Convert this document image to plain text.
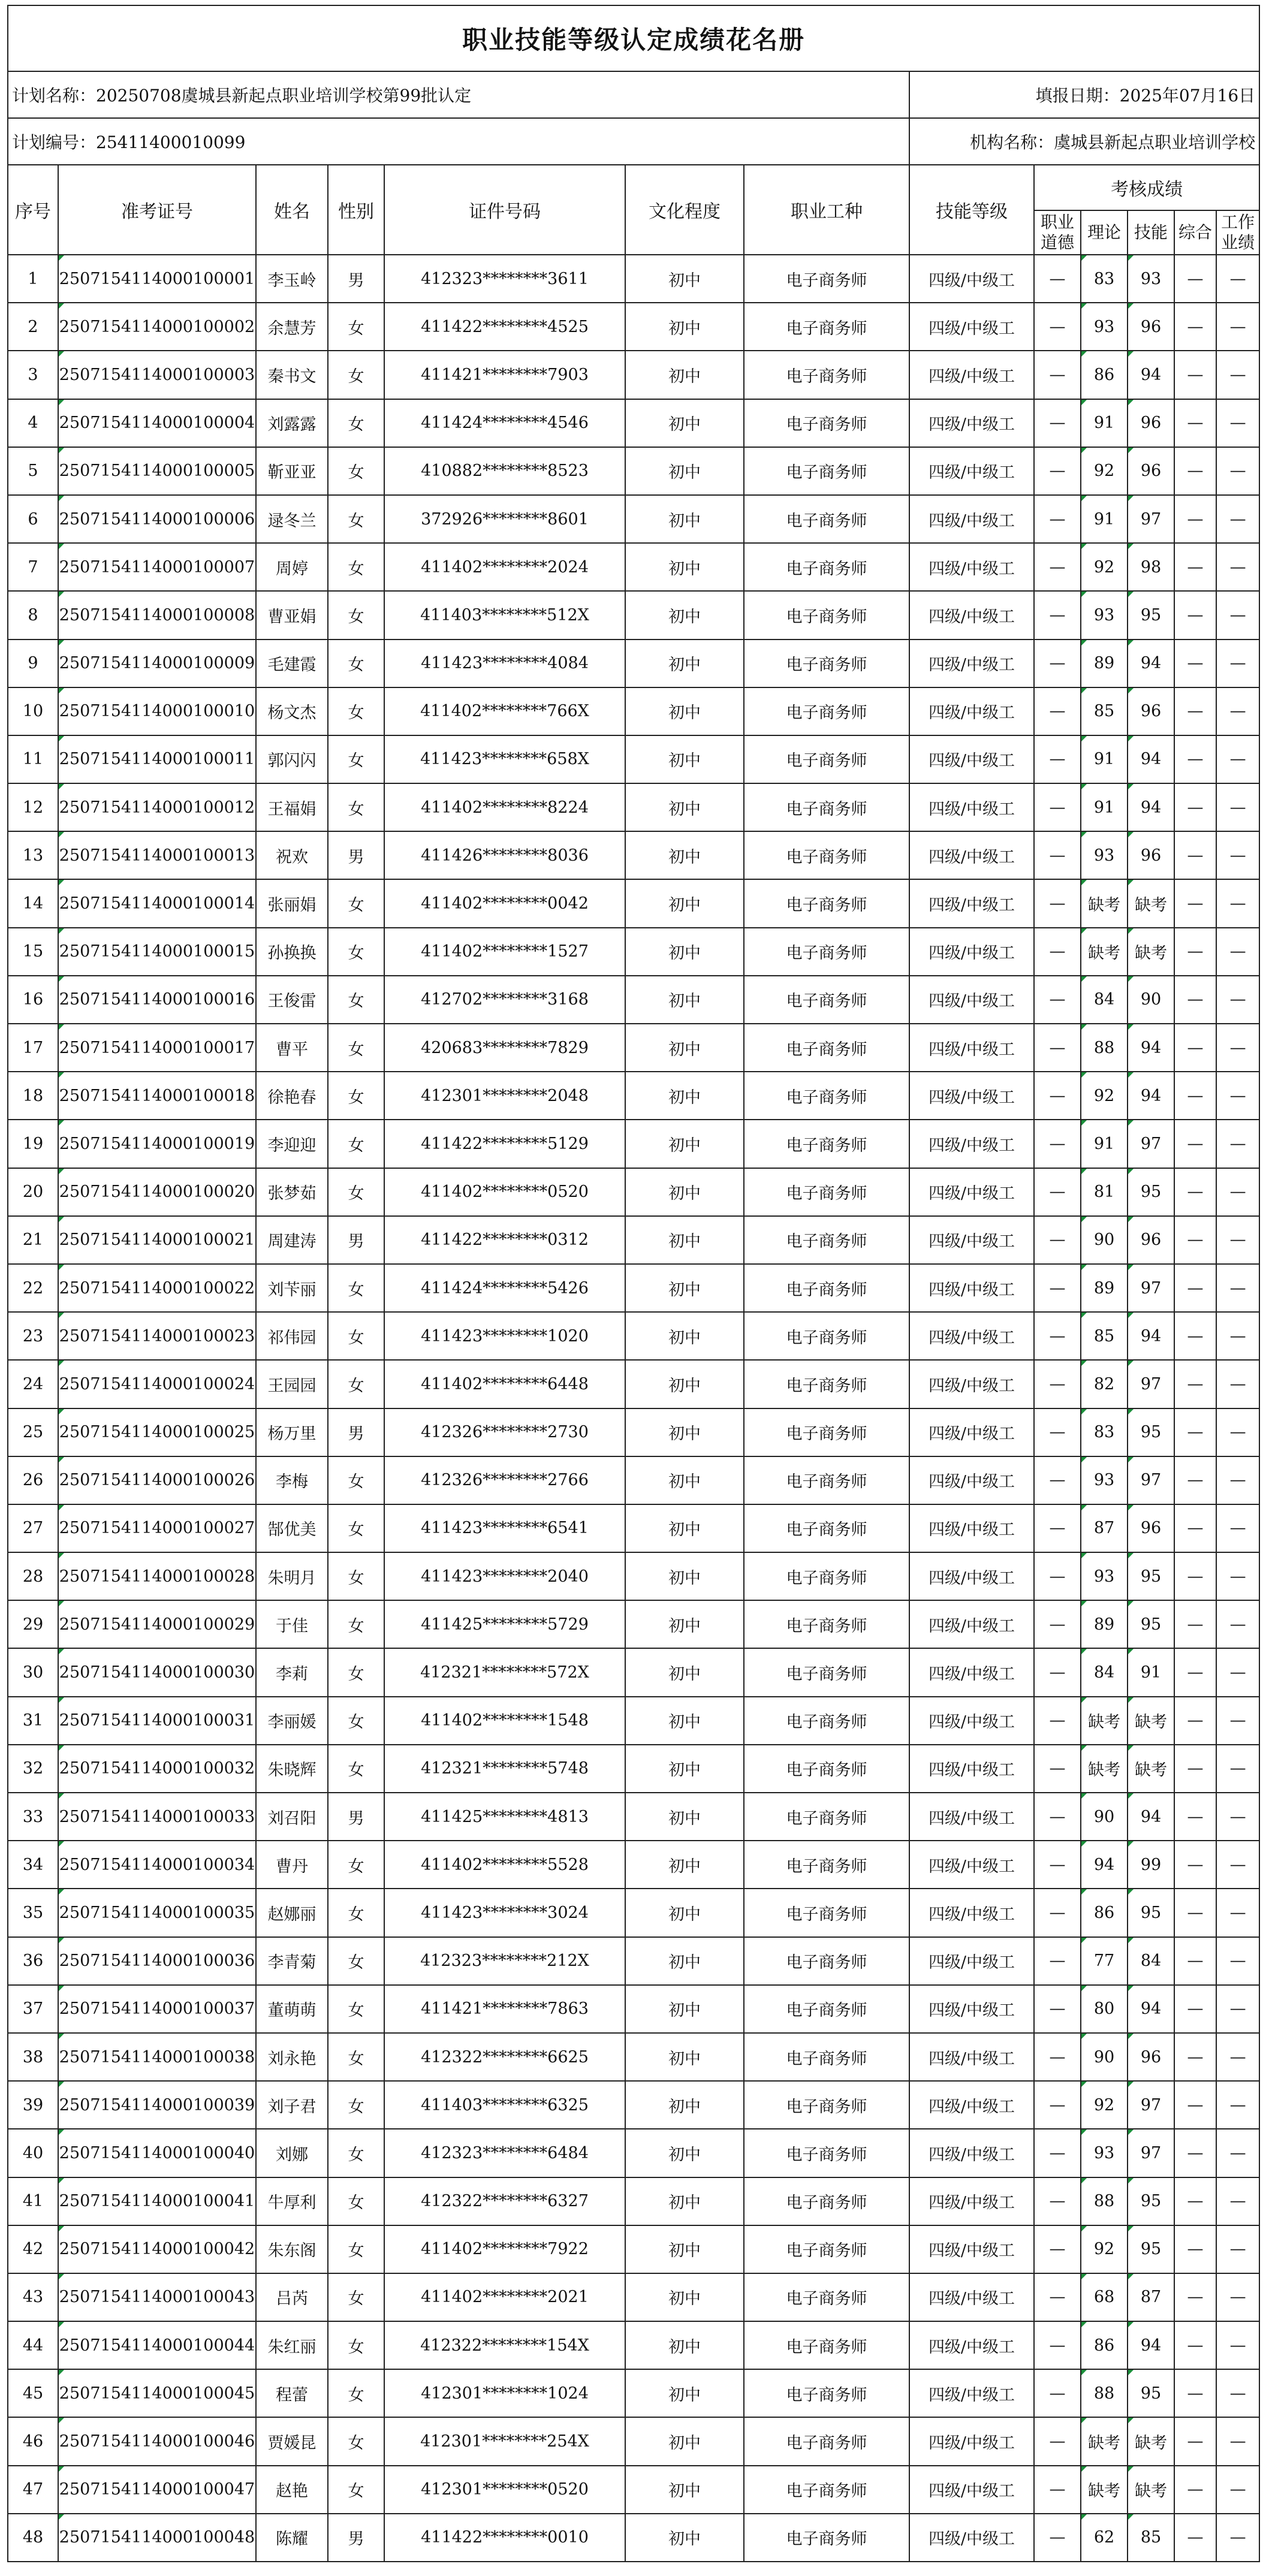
职业技能等级认定成绩花名册												
计划名称：20250708虞城县新起点职业培训学校第99批认定							填报日期：2025年07月16日					
计划编号：25411400010099							机构名称：虞城县新起点职业培训学校					
序号	准考证号	姓名	性别	证件号码	文化程度	职业工种	技能等级	考核成绩				
								职业道德	理论	技能	综合	工作业绩
1	2507154114000100001	李玉岭	男	412323********3611	初中	电子商务师	四级/中级工	—	83	93	—	—
2	2507154114000100002	余慧芳	女	411422********4525	初中	电子商务师	四级/中级工	—	93	96	—	—
3	2507154114000100003	秦书文	女	411421********7903	初中	电子商务师	四级/中级工	—	86	94	—	—
4	2507154114000100004	刘露露	女	411424********4546	初中	电子商务师	四级/中级工	—	91	96	—	—
5	2507154114000100005	靳亚亚	女	410882********8523	初中	电子商务师	四级/中级工	—	92	96	—	—
6	2507154114000100006	逯冬兰	女	372926********8601	初中	电子商务师	四级/中级工	—	91	97	—	—
7	2507154114000100007	周婷	女	411402********2024	初中	电子商务师	四级/中级工	—	92	98	—	—
8	2507154114000100008	曹亚娟	女	411403********512X	初中	电子商务师	四级/中级工	—	93	95	—	—
9	2507154114000100009	毛建霞	女	411423********4084	初中	电子商务师	四级/中级工	—	89	94	—	—
10	2507154114000100010	杨文杰	女	411402********766X	初中	电子商务师	四级/中级工	—	85	96	—	—
11	2507154114000100011	郭闪闪	女	411423********658X	初中	电子商务师	四级/中级工	—	91	94	—	—
12	2507154114000100012	王福娟	女	411402********8224	初中	电子商务师	四级/中级工	—	91	94	—	—
13	2507154114000100013	祝欢	男	411426********8036	初中	电子商务师	四级/中级工	—	93	96	—	—
14	2507154114000100014	张丽娟	女	411402********0042	初中	电子商务师	四级/中级工	—	缺考	缺考	—	—
15	2507154114000100015	孙换换	女	411402********1527	初中	电子商务师	四级/中级工	—	缺考	缺考	—	—
16	2507154114000100016	王俊雷	女	412702********3168	初中	电子商务师	四级/中级工	—	84	90	—	—
17	2507154114000100017	曹平	女	420683********7829	初中	电子商务师	四级/中级工	—	88	94	—	—
18	2507154114000100018	徐艳春	女	412301********2048	初中	电子商务师	四级/中级工	—	92	94	—	—
19	2507154114000100019	李迎迎	女	411422********5129	初中	电子商务师	四级/中级工	—	91	97	—	—
20	2507154114000100020	张梦茹	女	411402********0520	初中	电子商务师	四级/中级工	—	81	95	—	—
21	2507154114000100021	周建涛	男	411422********0312	初中	电子商务师	四级/中级工	—	90	96	—	—
22	2507154114000100022	刘苄丽	女	411424********5426	初中	电子商务师	四级/中级工	—	89	97	—	—
23	2507154114000100023	祁伟园	女	411423********1020	初中	电子商务师	四级/中级工	—	85	94	—	—
24	2507154114000100024	王园园	女	411402********6448	初中	电子商务师	四级/中级工	—	82	97	—	—
25	2507154114000100025	杨万里	男	412326********2730	初中	电子商务师	四级/中级工	—	83	95	—	—
26	2507154114000100026	李梅	女	412326********2766	初中	电子商务师	四级/中级工	—	93	97	—	—
27	2507154114000100027	郜优美	女	411423********6541	初中	电子商务师	四级/中级工	—	87	96	—	—
28	2507154114000100028	朱明月	女	411423********2040	初中	电子商务师	四级/中级工	—	93	95	—	—
29	2507154114000100029	于佳	女	411425********5729	初中	电子商务师	四级/中级工	—	89	95	—	—
30	2507154114000100030	李莉	女	412321********572X	初中	电子商务师	四级/中级工	—	84	91	—	—
31	2507154114000100031	李丽媛	女	411402********1548	初中	电子商务师	四级/中级工	—	缺考	缺考	—	—
32	2507154114000100032	朱晓辉	女	412321********5748	初中	电子商务师	四级/中级工	—	缺考	缺考	—	—
33	2507154114000100033	刘召阳	男	411425********4813	初中	电子商务师	四级/中级工	—	90	94	—	—
34	2507154114000100034	曹丹	女	411402********5528	初中	电子商务师	四级/中级工	—	94	99	—	—
35	2507154114000100035	赵娜丽	女	411423********3024	初中	电子商务师	四级/中级工	—	86	95	—	—
36	2507154114000100036	李青菊	女	412323********212X	初中	电子商务师	四级/中级工	—	77	84	—	—
37	2507154114000100037	董萌萌	女	411421********7863	初中	电子商务师	四级/中级工	—	80	94	—	—
38	2507154114000100038	刘永艳	女	412322********6625	初中	电子商务师	四级/中级工	—	90	96	—	—
39	2507154114000100039	刘子君	女	411403********6325	初中	电子商务师	四级/中级工	—	92	97	—	—
40	2507154114000100040	刘娜	女	412323********6484	初中	电子商务师	四级/中级工	—	93	97	—	—
41	2507154114000100041	牛厚利	女	412322********6327	初中	电子商务师	四级/中级工	—	88	95	—	—
42	2507154114000100042	朱东阁	女	411402********7922	初中	电子商务师	四级/中级工	—	92	95	—	—
43	2507154114000100043	吕芮	女	411402********2021	初中	电子商务师	四级/中级工	—	68	87	—	—
44	2507154114000100044	朱红丽	女	412322********154X	初中	电子商务师	四级/中级工	—	86	94	—	—
45	2507154114000100045	程蕾	女	412301********1024	初中	电子商务师	四级/中级工	—	88	95	—	—
46	2507154114000100046	贾媛昆	女	412301********254X	初中	电子商务师	四级/中级工	—	缺考	缺考	—	—
47	2507154114000100047	赵艳	女	412301********0520	初中	电子商务师	四级/中级工	—	缺考	缺考	—	—
48	2507154114000100048	陈耀	男	411422********0010	初中	电子商务师	四级/中级工	—	62	85	—	—
